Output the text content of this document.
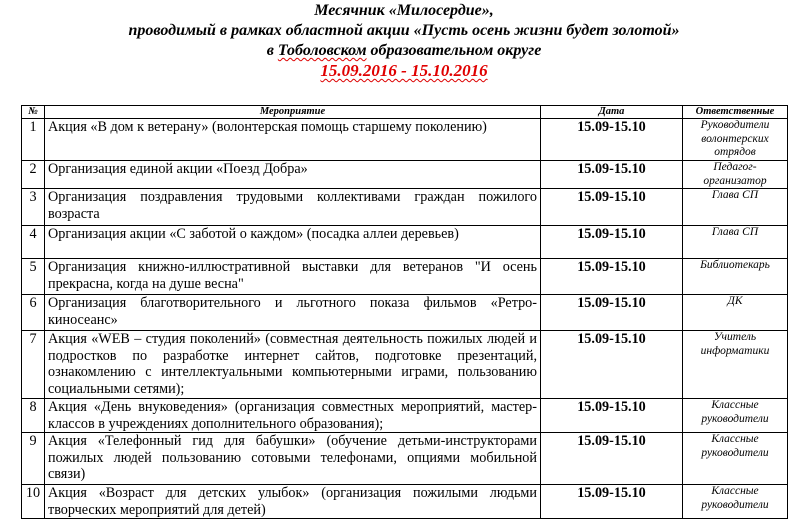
Месячник «Милосердие»,
проводимый в рамках областной акции «Пусть осень жизни будет золотой»
в Тоболовском образовательном округе
15.09.2016 - 15.10.2016
№	Мероприятие	Дата	Ответственные
1	Акция «В дом к ветерану» (волонтерская помощь старшему поколению)	15.09-15.10	Руководители волонтерских отрядов
2	Организация единой акции «Поезд Добра»	15.09-15.10	Педагог-организатор
3	Организация поздравления трудовыми коллективами граждан пожилого возраста	15.09-15.10	Глава СП
4	Организация акции «С заботой о каждом» (посадка аллеи деревьев)	15.09-15.10	Глава СП
5	Организация книжно-иллюстративной выставки для ветеранов "И осень прекрасна, когда на душе весна"	15.09-15.10	Библиотекарь
6	Организация благотворительного и льготного показа фильмов «Ретро-киносеанс»	15.09-15.10	ДК
7	Акция «WEB – студия поколений» (совместная деятельность пожилых людей и подростков по разработке интернет сайтов, подготовке презентаций, ознакомлению с интеллектуальными компьютерными играми, пользованию социальными сетями);	15.09-15.10	Учитель информатики
8	Акция «День внуковедения» (организация совместных мероприятий, мастер-классов в учреждениях дополнительного образования);	15.09-15.10	Классные руководители
9	Акция «Телефонный гид для бабушки» (обучение детьми-инструкторами пожилых людей пользованию сотовыми телефонами, опциями мобильной связи)	15.09-15.10	Классные руководители
10	Акция «Возраст для детских улыбок» (организация пожилыми людьми творческих мероприятий для детей)	15.09-15.10	Классные руководители
